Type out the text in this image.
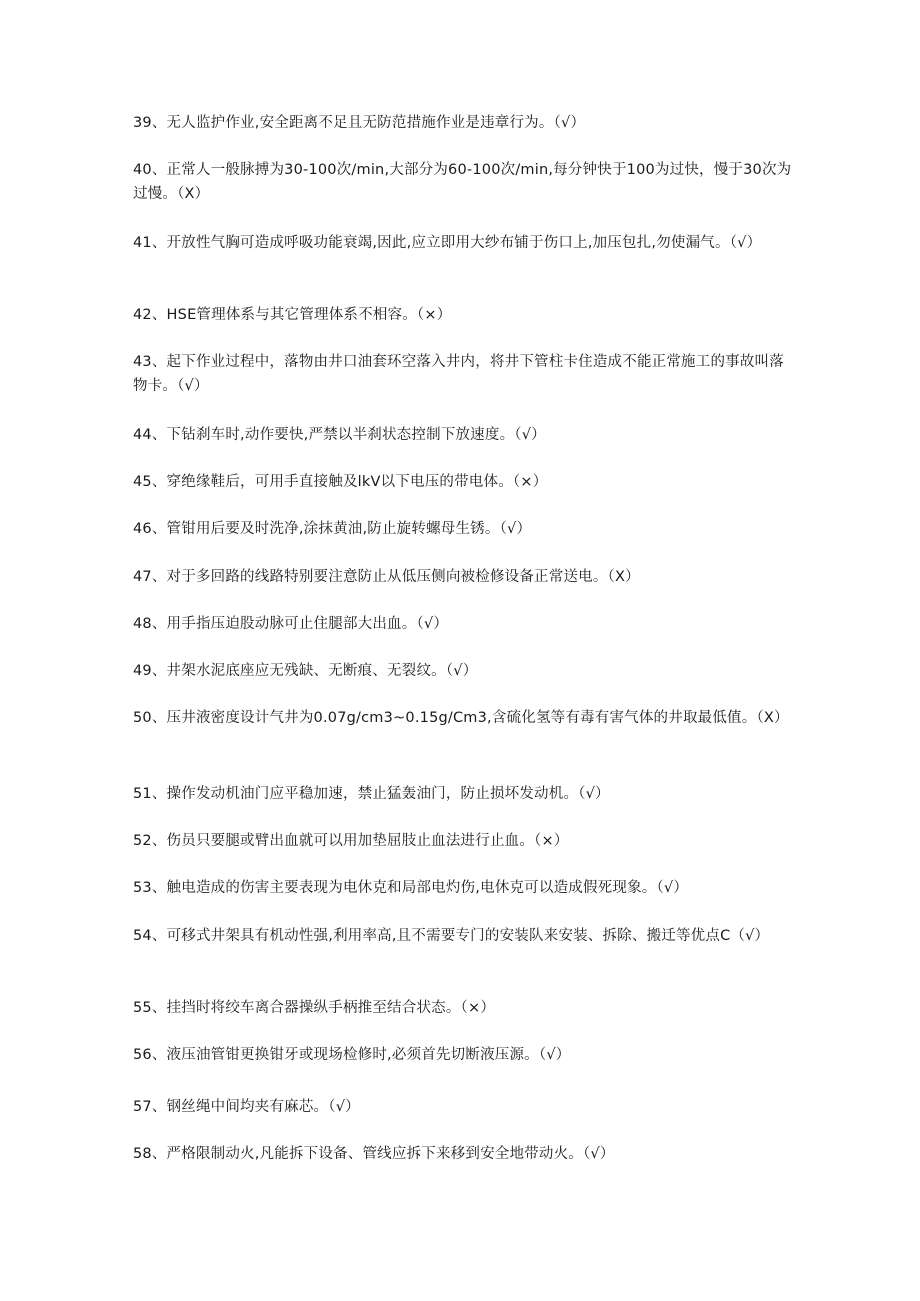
39、无人监护作业,安全距离不足且无防范措施作业是违章行为。（√）

40、正常人一般脉搏为30-100次/min,大部分为60-100次/min,每分钟快于100为过快，慢于30次为过慢。（X）

41、开放性气胸可造成呼吸功能衰竭,因此,应立即用大纱布铺于伤口上,加压包扎,勿使漏气。（√）

42、HSE管理体系与其它管理体系不相容。（×）

43、起下作业过程中，落物由井口油套环空落入井内，将井下管柱卡住造成不能正常施工的事故叫落物卡。（√）

44、下钻刹车时,动作要快,严禁以半刹状态控制下放速度。（√）

45、穿绝缘鞋后，可用手直接触及lkV以下电压的带电体。（×）

46、管钳用后要及时洗净,涂抹黄油,防止旋转螺母生锈。（√）

47、对于多回路的线路特别要注意防止从低压侧向被检修设备正常送电。（X）

48、用手指压迫股动脉可止住腿部大出血。（√）

49、井架水泥底座应无残缺、无断痕、无裂纹。（√）

50、压井液密度设计气井为0.07g/cm3~0.15g/Cm3,含硫化氢等有毒有害气体的井取最低值。（X）

51、操作发动机油门应平稳加速，禁止猛轰油门，防止损坏发动机。（√）

52、伤员只要腿或臂出血就可以用加垫屈肢止血法进行止血。（×）

53、触电造成的伤害主要表现为电休克和局部电灼伤,电休克可以造成假死现象。（√）

54、可移式井架具有机动性强,利用率高,且不需要专门的安装队来安装、拆除、搬迁等优点C（√）

55、挂挡时将绞车离合器操纵手柄推至结合状态。（×）

56、液压油管钳更换钳牙或现场检修时,必须首先切断液压源。（√）

57、钢丝绳中间均夹有麻芯。（√）

58、严格限制动火,凡能拆下设备、管线应拆下来移到安全地带动火。（√）
